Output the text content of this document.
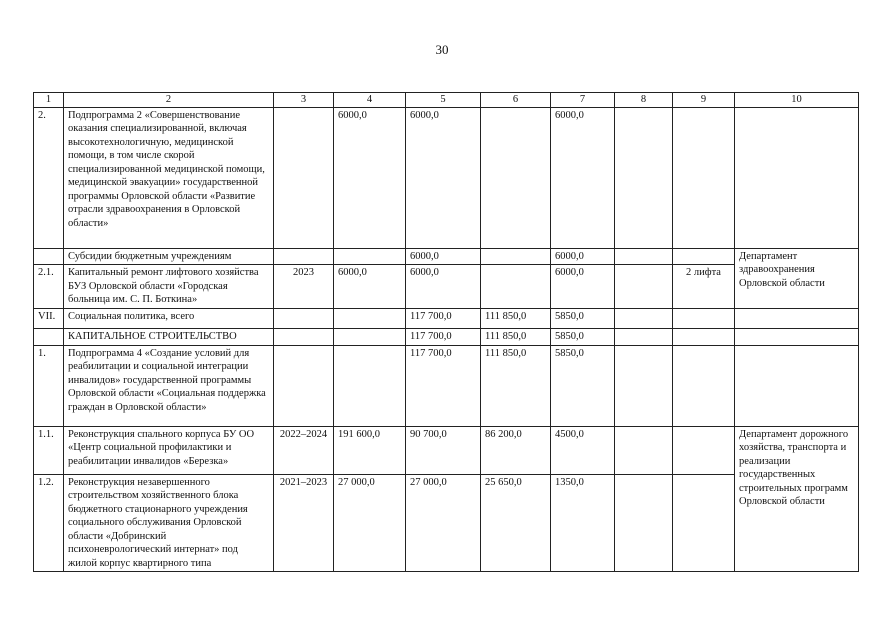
30
1	2	3	4	5	6	7	8	9	10
2.	Подпрограмма 2 «Совершенствование оказания специализированной, включая высокотехнологичную, медицинской помощи, в том числе скорой специализированной медицинской помощи, медицинской эвакуации» государственной программы Орловской области «Развитие отрасли здравоохранения в Орловской области»		6000,0	6000,0		6000,0			
	Субсидии бюджетным учреждениям			6000,0		6000,0			Департамент здравоохранения Орловской области
2.1.	Капитальный ремонт лифтового хозяйства БУЗ Орловской области «Городская больница им. С. П. Боткина»	2023	6000,0	6000,0		6000,0		2 лифта	
VII.	Социальная политика, всего			117 700,0	111 850,0	5850,0			
	КАПИТАЛЬНОЕ СТРОИТЕЛЬСТВО			117 700,0	111 850,0	5850,0			
1.	Подпрограмма 4 «Создание условий для реабилитации и социальной интеграции инвалидов» государственной программы Орловской области «Социальная поддержка граждан в Орловской области»			117 700,0	111 850,0	5850,0			
1.1.	Реконструкция спального корпуса БУ ОО «Центр социальной профилактики и реабилитации инвалидов «Березка»	2022–2024	191 600,0	90 700,0	86 200,0	4500,0			Департамент дорожного хозяйства, транспорта и реализации государственных строительных программ Орловской области
1.2.	Реконструкция незавершенного строительством хозяйственного блока бюджетного стационарного учреждения социального обслуживания Орловской области «Добринский психоневрологический интернат» под жилой корпус квартирного типа	2021–2023	27 000,0	27 000,0	25 650,0	1350,0			
